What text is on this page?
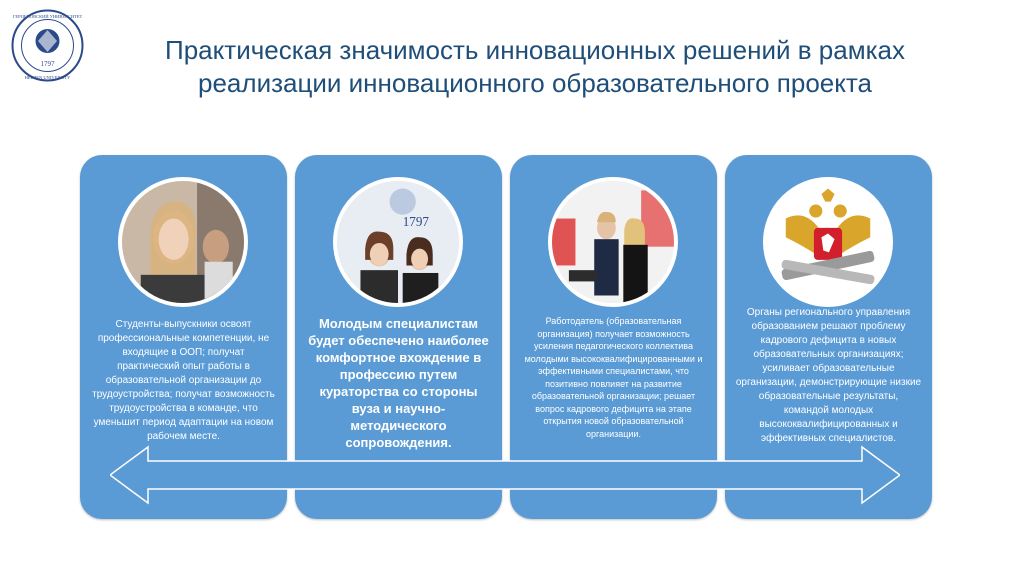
1797
ГЕРЦЕНОВСКИЙ УНИВЕРСИТЕТ
HERZEN UNIVERSITY
Практическая значимость инновационных решений в рамках
реализации инновационного образовательного проекта
Студенты-выпускники освоят профессиональные компетенции, не входящие в ООП; получат практический опыт работы в образовательной организации до трудоустройства; получат возможность трудоустройства в команде, что уменьшит период адаптации на новом рабочем месте.
1797
Молодым специалистам будет обеспечено наиболее комфортное вхождение в профессию путем кураторства со стороны вуза и научно-методического сопровождения.
Работодатель (образовательная организация) получает возможность усиления педагогического коллектива молодыми высококвалифицированными и эффективными специалистами, что позитивно повлияет на развитие образовательной организации; решает вопрос кадрового дефицита на этапе открытия новой образовательной организации.
Органы регионального управления образованием решают проблему кадрового дефицита в новых образовательных организациях; усиливает образовательные организации, демонстрирующие низкие образовательные результаты, командой молодых высококвалифицированных и эффективных специалистов.
